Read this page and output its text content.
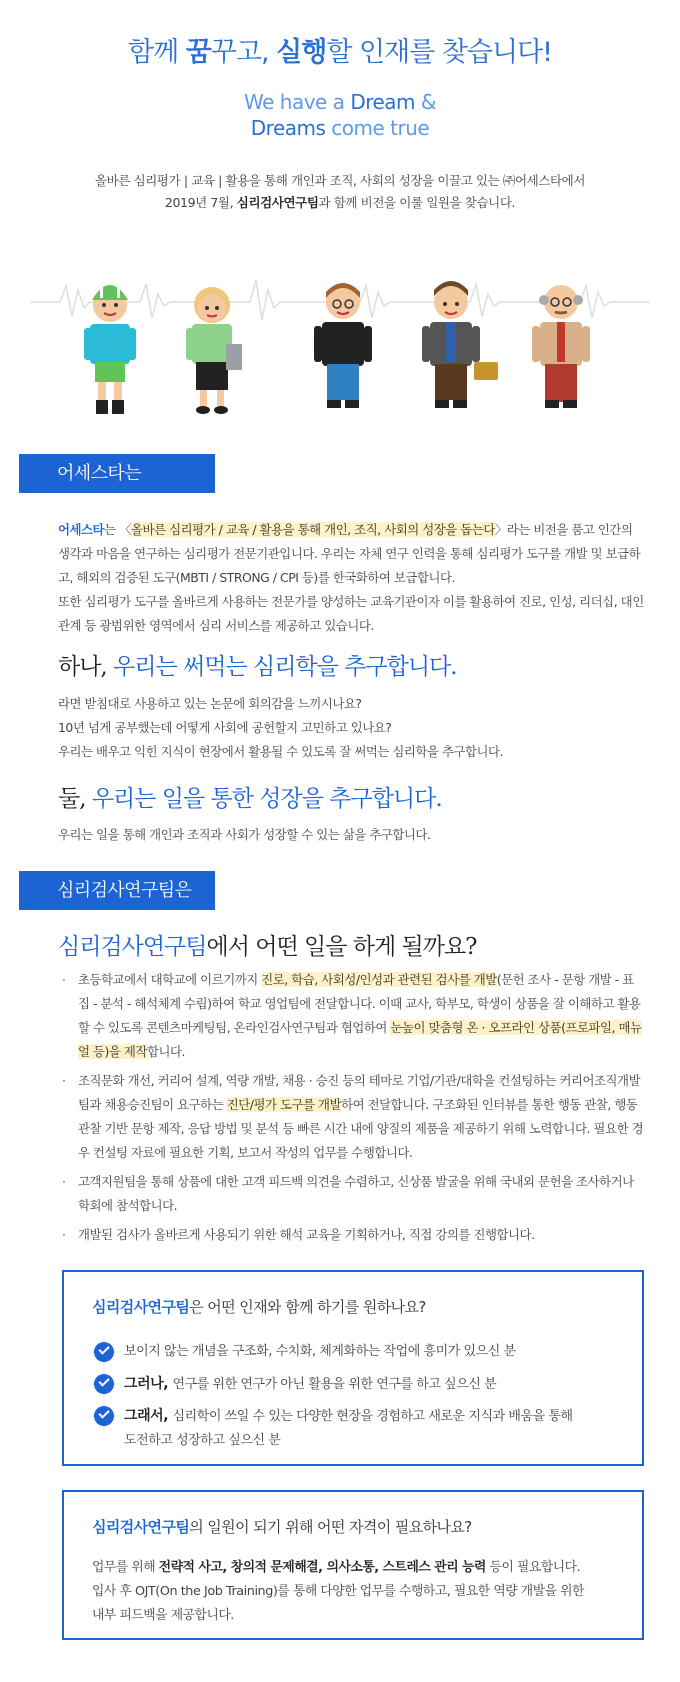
함께 꿈꾸고, 실행할 인재를 찾습니다!
We have a Dream &
Dreams come true
올바른 심리평가 | 교육 | 활용을 통해 개인과 조직, 사회의 성장을 이끌고 있는 ㈜어세스타에서
2019년 7월, 심리검사연구팀과 함께 비전을 이룰 일원을 찾습니다.
어세스타는
어세스타는 〈올바른 심리평가 / 교육 / 활용을 통해 개인, 조직, 사회의 성장을 돕는다〉라는 비전을 품고 인간의 생각과 마음을 연구하는 심리평가 전문기관입니다. 우리는 자체 연구 인력을 통해 심리평가 도구를 개발 및 보급하고, 해외의 검증된 도구(MBTI / STRONG / CPI 등)를 한국화하여 보급합니다.
또한 심리평가 도구를 올바르게 사용하는 전문가를 양성하는 교육기관이자 이를 활용하여 진로, 인성, 리더십, 대인관계 등 광범위한 영역에서 심리 서비스를 제공하고 있습니다.
하나, 우리는 써먹는 심리학을 추구합니다.
라면 받침대로 사용하고 있는 논문에 회의감을 느끼시나요?
10년 넘게 공부했는데 어떻게 사회에 공헌할지 고민하고 있나요?
우리는 배우고 익힌 지식이 현장에서 활용될 수 있도록 잘 써먹는 심리학을 추구합니다.
둘, 우리는 일을 통한 성장을 추구합니다.
우리는 일을 통해 개인과 조직과 사회가 성장할 수 있는 삶을 추구합니다.
심리검사연구팀은
심리검사연구팀에서 어떤 일을 하게 될까요?
· 초등학교에서 대학교에 이르기까지 진로, 학습, 사회성/인성과 관련된 검사를 개발(문헌 조사 - 문항 개발 - 표집 - 분석 - 해석체계 수립)하여 학교 영업팀에 전달합니다. 이때 교사, 학부모, 학생이 상품을 잘 이해하고 활용할 수 있도록 콘텐츠마케팅팀, 온라인검사연구팀과 협업하여 눈높이 맞춤형 온 · 오프라인 상품(프로파일, 매뉴얼 등)을 제작합니다.
· 조직문화 개선, 커리어 설계, 역량 개발, 채용 · 승진 등의 테마로 기업/기관/대학을 컨설팅하는 커리어조직개발팀과 채용승진팀이 요구하는 진단/평가 도구를 개발하여 전달합니다. 구조화된 인터뷰를 통한 행동 관찰, 행동 관찰 기반 문항 제작, 응답 방법 및 분석 등 빠른 시간 내에 양질의 제품을 제공하기 위해 노력합니다. 필요한 경우 컨설팅 자료에 필요한 기획, 보고서 작성의 업무를 수행합니다.
· 고객지원팀을 통해 상품에 대한 고객 피드백 의견을 수렴하고, 신상품 발굴을 위해 국내외 문헌을 조사하거나 학회에 참석합니다.
· 개발된 검사가 올바르게 사용되기 위한 해석 교육을 기획하거나, 직접 강의를 진행합니다.
심리검사연구팀은 어떤 인재와 함께 하기를 원하나요?
보이지 않는 개념을 구조화, 수치화, 체계화하는 작업에 흥미가 있으신 분
그러나, 연구를 위한 연구가 아닌 활용을 위한 연구를 하고 싶으신 분
그래서, 심리학이 쓰일 수 있는 다양한 현장을 경험하고 새로운 지식과 배움을 통해
도전하고 성장하고 싶으신 분
심리검사연구팀의 일원이 되기 위해 어떤 자격이 필요하나요?
업무를 위해 전략적 사고, 창의적 문제해결, 의사소통, 스트레스 관리 능력 등이 필요합니다.
입사 후 OJT(On the Job Training)를 통해 다양한 업무를 수행하고, 필요한 역량 개발을 위한
내부 피드백을 제공합니다.
